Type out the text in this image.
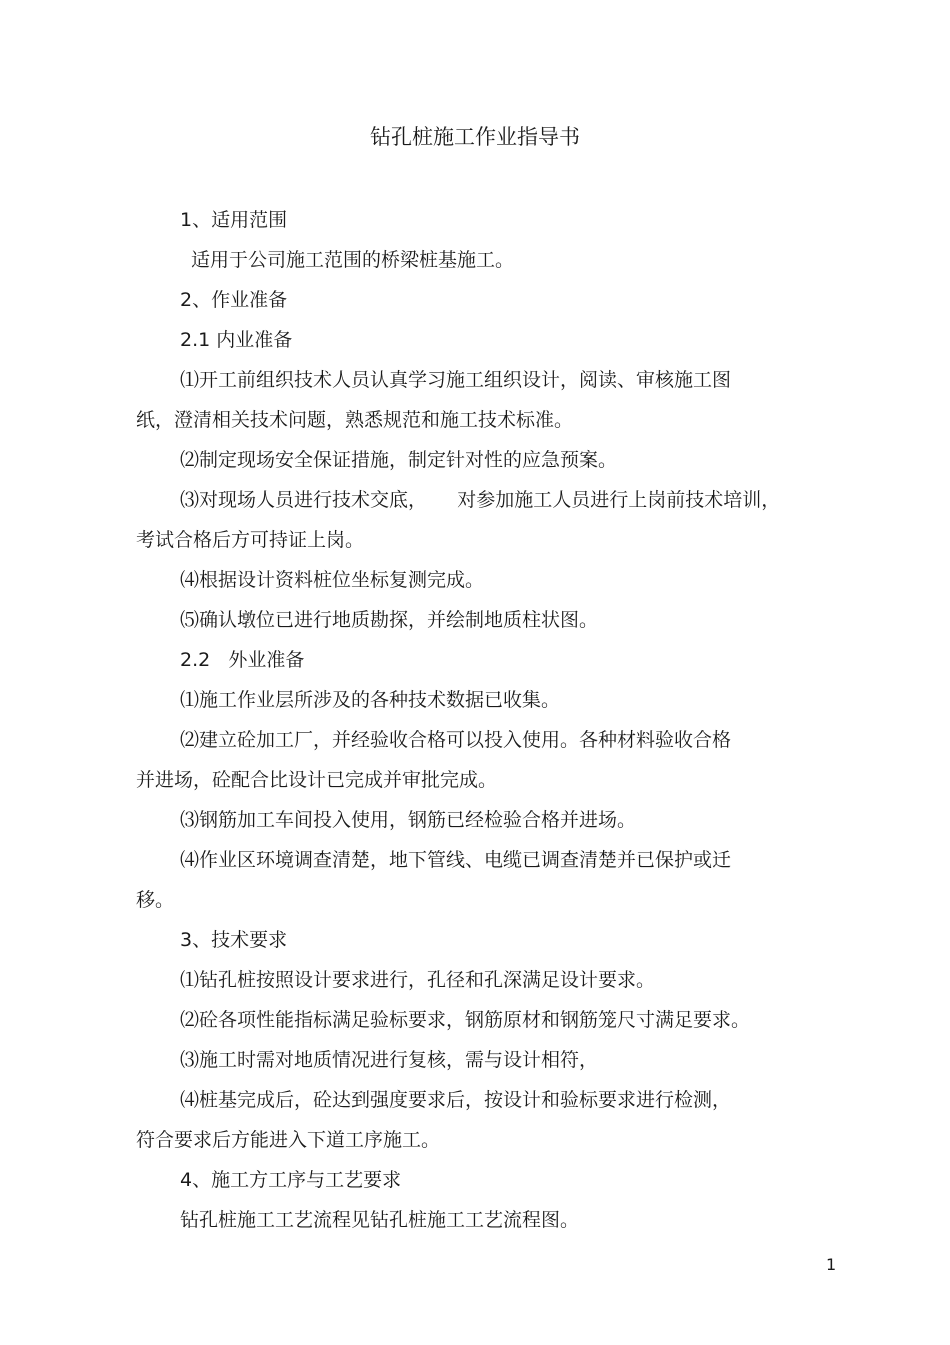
钻孔桩施工作业指导书
1、适用范围
适用于公司施工范围的桥梁桩基施工。
2、作业准备
2.1 内业准备
⑴开工前组织技术人员认真学习施工组织设计，阅读、审核施工图
纸，澄清相关技术问题，熟悉规范和施工技术标准。
⑵制定现场安全保证措施，制定针对性的应急预案。
⑶对现场人员进行技术交底，     对参加施工人员进行上岗前技术培训，
考试合格后方可持证上岗。
⑷根据设计资料桩位坐标复测完成。
⑸确认墩位已进行地质勘探，并绘制地质柱状图。
2.2   外业准备
⑴施工作业层所涉及的各种技术数据已收集。
⑵建立砼加工厂，并经验收合格可以投入使用。各种材料验收合格
并进场，砼配合比设计已完成并审批完成。
⑶钢筋加工车间投入使用，钢筋已经检验合格并进场。
⑷作业区环境调查清楚，地下管线、电缆已调查清楚并已保护或迁
移。
3、技术要求
⑴钻孔桩按照设计要求进行，孔径和孔深满足设计要求。
⑵砼各项性能指标满足验标要求，钢筋原材和钢筋笼尺寸满足要求。
⑶施工时需对地质情况进行复核，需与设计相符，
⑷桩基完成后，砼达到强度要求后，按设计和验标要求进行检测，
符合要求后方能进入下道工序施工。
4、施工方工序与工艺要求
钻孔桩施工工艺流程见钻孔桩施工工艺流程图。
1
